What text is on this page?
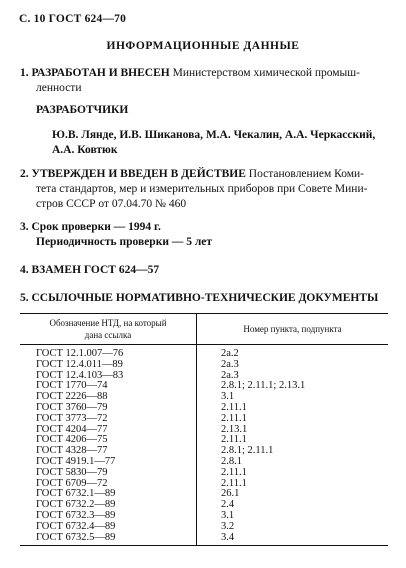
С. 10 ГОСТ 624—70

ИНФОРМАЦИОННЫЕ ДАННЫЕ

1. РАЗРАБОТАН И ВНЕСЕН Министерством химической промыш-
ленности
РАЗРАБОТЧИКИ
Ю.В. Лянде, И.В. Шиканова, М.А. Чекалин, А.А. Черкасский,
А.А. Ковтюк
2. УТВЕРЖДЕН И ВВЕДЕН В ДЕЙСТВИЕ Постановлением Коми-
тета стандартов, мер и измерительных приборов при Совете Мини-
стров СССР от 07.04.70 № 460
3. Срок проверки — 1994 г.
Периодичность проверки — 5 лет
4. ВЗАМЕН ГОСТ 624—57
5. ССЫЛОЧНЫЕ НОРМАТИВНО-ТЕХНИЧЕСКИЕ ДОКУМЕНТЫ
Обозначение НТД, на который
дана ссылка	Номер пункта, подпункта
ГОСТ 12.1.007—76	2а.2
ГОСТ 12.4.011—89	2а.3
ГОСТ 12.4.103—83	2а.3
ГОСТ 1770—74	2.8.1; 2.11.1; 2.13.1
ГОСТ 2226—88	3.1
ГОСТ 3760—79	2.11.1
ГОСТ 3773—72	2.11.1
ГОСТ 4204—77	2.13.1
ГОСТ 4206—75	2.11.1
ГОСТ 4328—77	2.8.1; 2.11.1
ГОСТ 4919.1—77	2.8.1
ГОСТ 5830—79	2.11.1
ГОСТ 6709—72	2.11.1
ГОСТ 6732.1—89	26.1
ГОСТ 6732.2—89	2.4
ГОСТ 6732.3—89	3.1
ГОСТ 6732.4—89	3.2
ГОСТ 6732.5—89	3.4
